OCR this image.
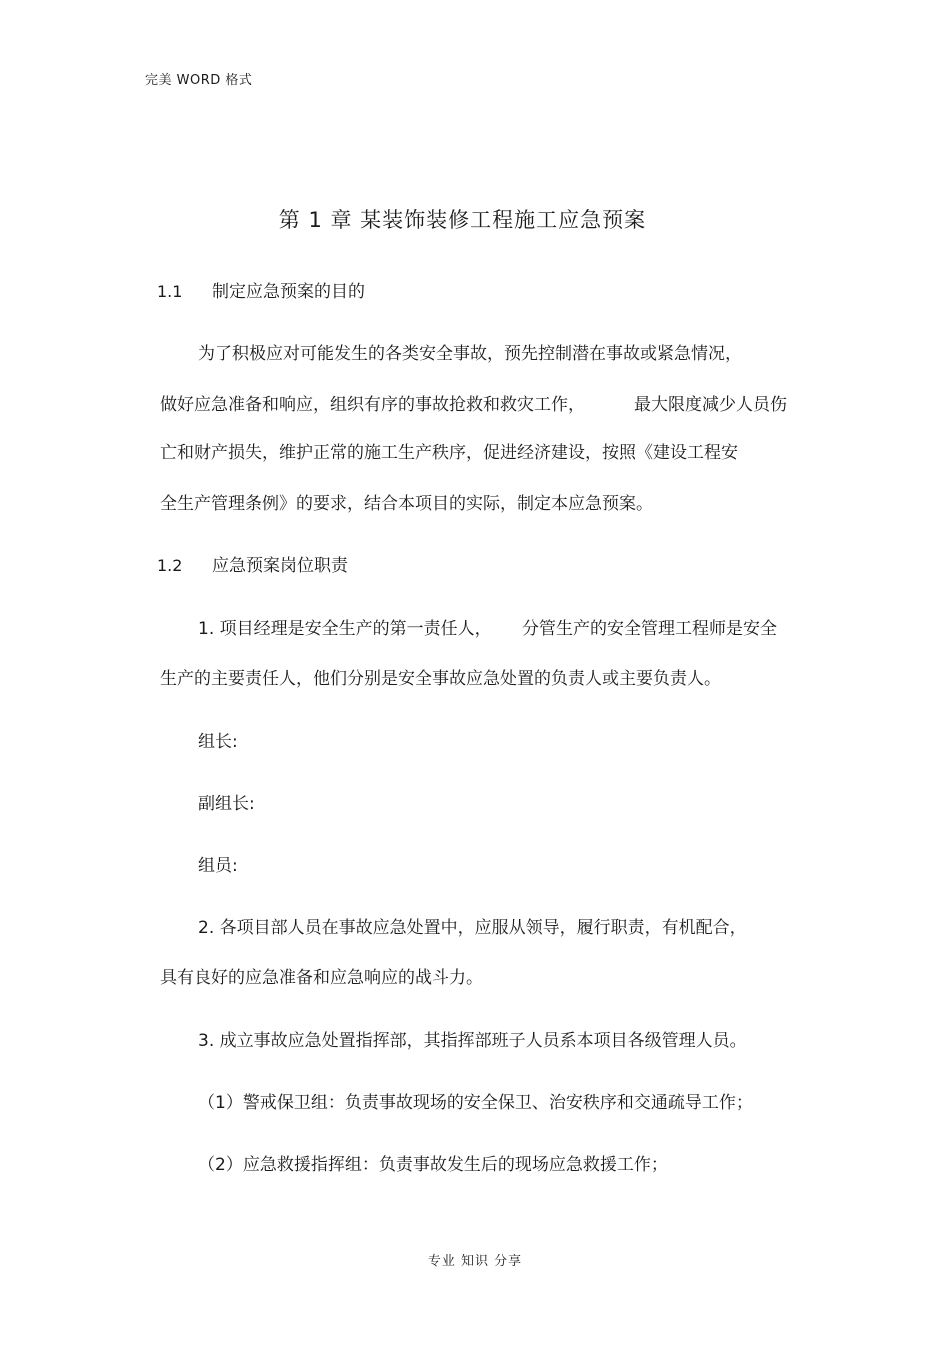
完美 WORD 格式
第 1 章 某装饰装修工程施工应急预案
1.1 制定应急预案的目的
为了积极应对可能发生的各类安全事故，预先控制潜在事故或紧急情况，
做好应急准备和响应，组织有序的事故抢救和救灾工作，	最大限度减少人员伤
亡和财产损失，维护正常的施工生产秩序，促进经济建设，按照《建设工程安
全生产管理条例》的要求，结合本项目的实际，制定本应急预案。
1.2 应急预案岗位职责
1. 项目经理是安全生产的第一责任人， 分管生产的安全管理工程师是安全
生产的主要责任人，他们分别是安全事故应急处置的负责人或主要负责人。
组长:
副组长:
组员:
2. 各项目部人员在事故应急处置中，应服从领导，履行职责，有机配合，
具有良好的应急准备和应急响应的战斗力。
3. 成立事故应急处置指挥部，其指挥部班子人员系本项目各级管理人员。
（1）警戒保卫组：负责事故现场的安全保卫、治安秩序和交通疏导工作；
（2）应急救援指挥组：负责事故发生后的现场应急救援工作；
专业 知识 分享
